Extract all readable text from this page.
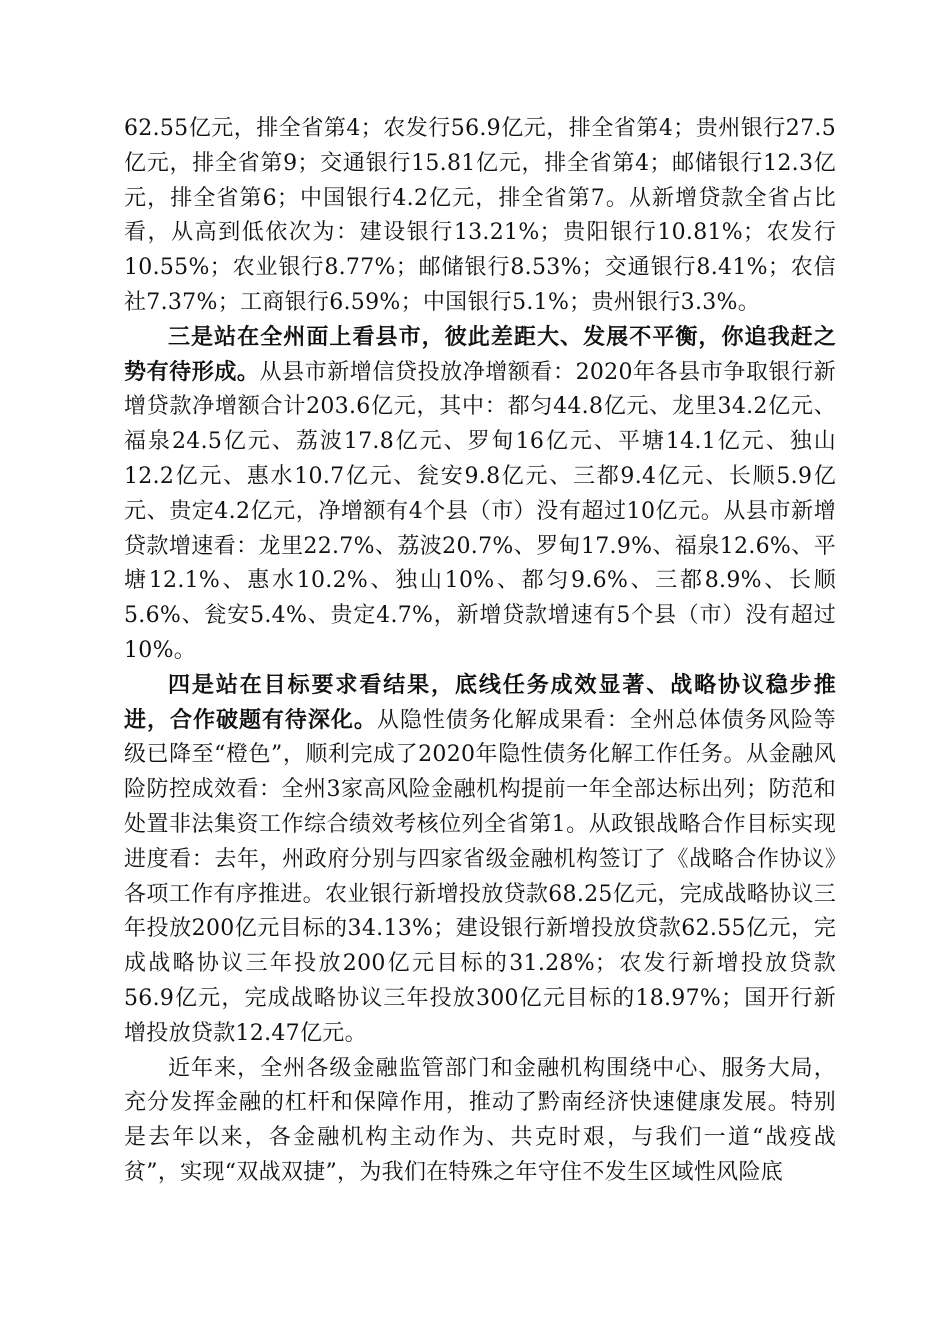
62.55亿元，排全省第4；农发行56.9亿元，排全省第4；贵州银行27.5亿元，排全省第9；交通银行15.81亿元，排全省第4；邮储银行12.3亿元，排全省第6；中国银行4.2亿元，排全省第7。从新增贷款全省占比看，从高到低依次为：建设银行13.21%；贵阳银行10.81%；农发行10.55%；农业银行8.77%；邮储银行8.53%；交通银行8.41%；农信社7.37%；工商银行6.59%；中国银行5.1%；贵州银行3.3%。

三是站在全州面上看县市，彼此差距大、发展不平衡，你追我赶之势有待形成。从县市新增信贷投放净增额看：2020年各县市争取银行新增贷款净增额合计203.6亿元，其中：都匀44.8亿元、龙里34.2亿元、福泉24.5亿元、荔波17.8亿元、罗甸16亿元、平塘14.1亿元、独山12.2亿元、惠水10.7亿元、瓮安9.8亿元、三都9.4亿元、长顺5.9亿元、贵定4.2亿元，净增额有4个县（市）没有超过10亿元。从县市新增贷款增速看：龙里22.7%、荔波20.7%、罗甸17.9%、福泉12.6%、平塘12.1%、惠水10.2%、独山10%、都匀9.6%、三都8.9%、长顺5.6%、瓮安5.4%、贵定4.7%，新增贷款增速有5个县（市）没有超过10%。

四是站在目标要求看结果，底线任务成效显著、战略协议稳步推进，合作破题有待深化。从隐性债务化解成果看：全州总体债务风险等级已降至“橙色”，顺利完成了2020年隐性债务化解工作任务。从金融风险防控成效看：全州3家高风险金融机构提前一年全部达标出列；防范和处置非法集资工作综合绩效考核位列全省第1。从政银战略合作目标实现进度看：去年，州政府分别与四家省级金融机构签订了《战略合作协议》各项工作有序推进。农业银行新增投放贷款68.25亿元，完成战略协议三年投放200亿元目标的34.13%；建设银行新增投放贷款62.55亿元，完成战略协议三年投放200亿元目标的31.28%；农发行新增投放贷款56.9亿元，完成战略协议三年投放300亿元目标的18.97%；国开行新增投放贷款12.47亿元。

近年来，全州各级金融监管部门和金融机构围绕中心、服务大局，充分发挥金融的杠杆和保障作用，推动了黔南经济快速健康发展。特别是去年以来，各金融机构主动作为、共克时艰，与我们一道“战疫战贫”，实现“双战双捷”，为我们在特殊之年守住不发生区域性风险底
